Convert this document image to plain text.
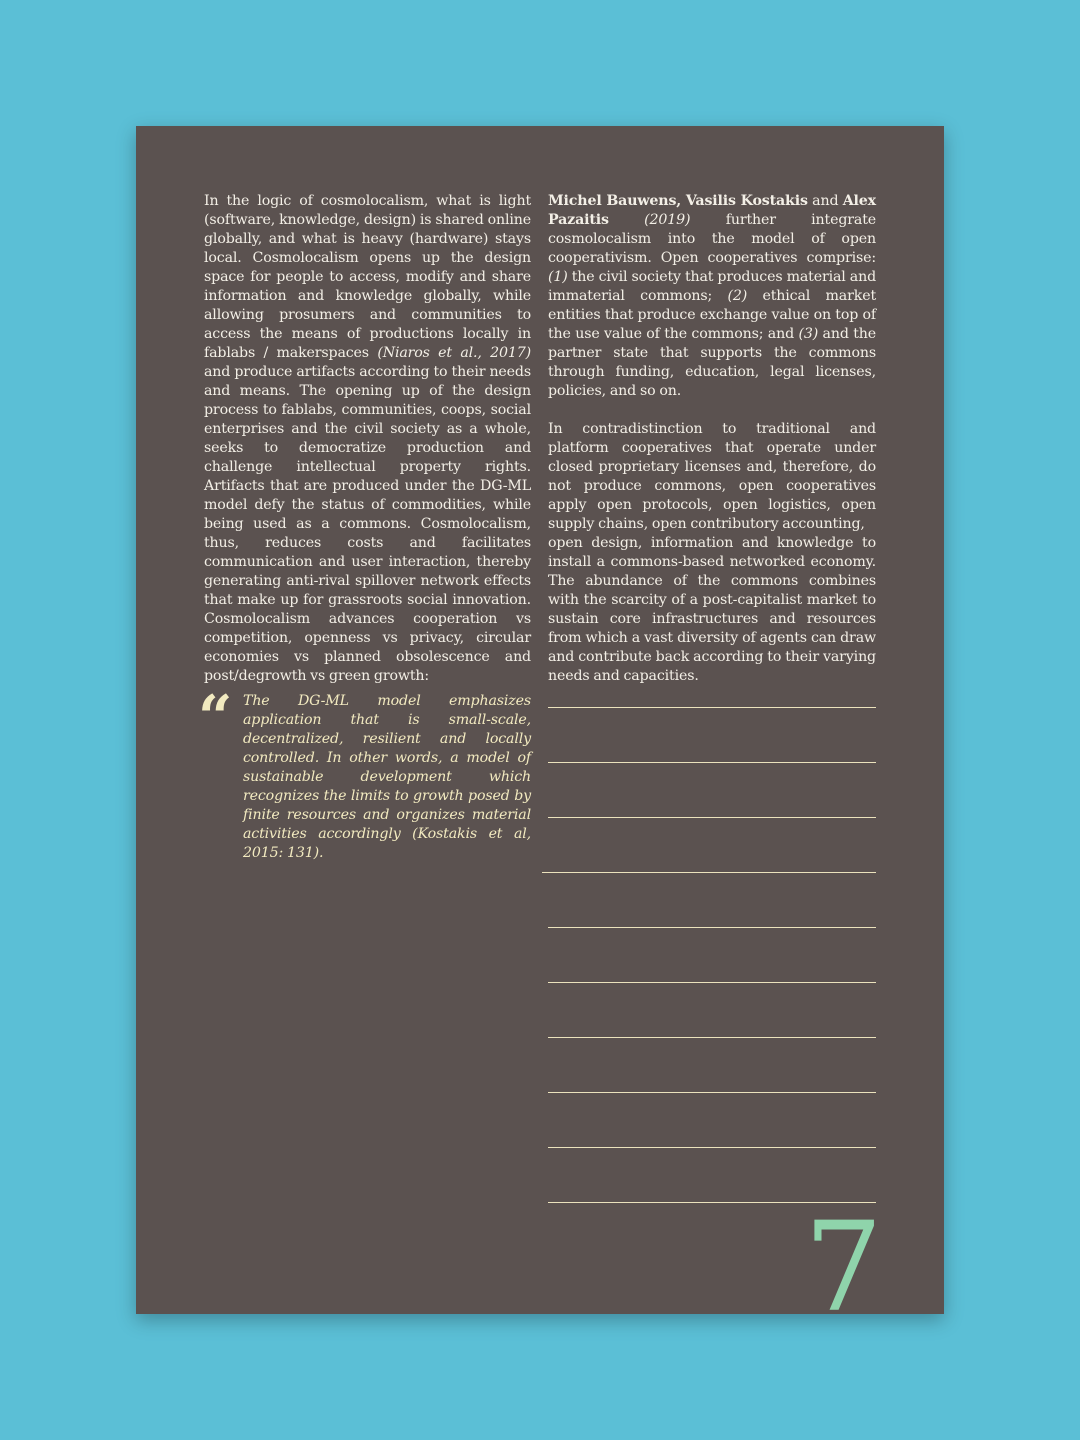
In the logic of cosmolocalism, what is light (software, knowledge, design) is shared online globally, and what is heavy (hardware) stays local. Cosmolocalism opens up the design space for people to access, modify and share information and knowledge globally, while allowing prosumers and communities to access the means of productions locally in fablabs / makerspaces (Niaros et al., 2017) and produce artifacts according to their needs and means. The opening up of the design process to fablabs, communities, coops, social enterprises and the civil society as a whole, seeks to democratize production and challenge intellectual property rights. Artifacts that are produced under the DG-ML model defy the status of commodities, while being used as a commons. Cosmolocalism, thus, reduces costs and facilitates communication and user interaction, thereby generating anti-rival spillover network effects that make up for grassroots social innovation. Cosmolocalism advances cooperation vs competition, openness vs privacy, circular economies vs planned obsolescence and post/degrowth vs green growth:

“ The DG-ML model emphasizes application that is small-scale, decentralized, resilient and locally controlled. In other words, a model of sustainable development which recognizes the limits to growth posed by finite resources and organizes material activities accordingly (Kostakis et al, 2015: 131).

Michel Bauwens, Vasilis Kostakis and Alex Pazaitis (2019) further integrate cosmolocalism into the model of open cooperativism. Open cooperatives comprise: (1) the civil society that produces material and immaterial commons; (2) ethical market entities that produce exchange value on top of the use value of the commons; and (3) and the partner state that supports the commons through funding, education, legal licenses, policies, and so on.

In contradistinction to traditional and platform cooperatives that operate under closed proprietary licenses and, therefore, do not produce commons, open cooperatives apply open protocols, open logistics, open supply chains, open contributory accounting,

open design, information and knowledge to install a commons-based networked economy. The abundance of the commons combines with the scarcity of a post-capitalist market to sustain core infrastructures and resources from which a vast diversity of agents can draw and contribute back according to their varying needs and capacities.

7
